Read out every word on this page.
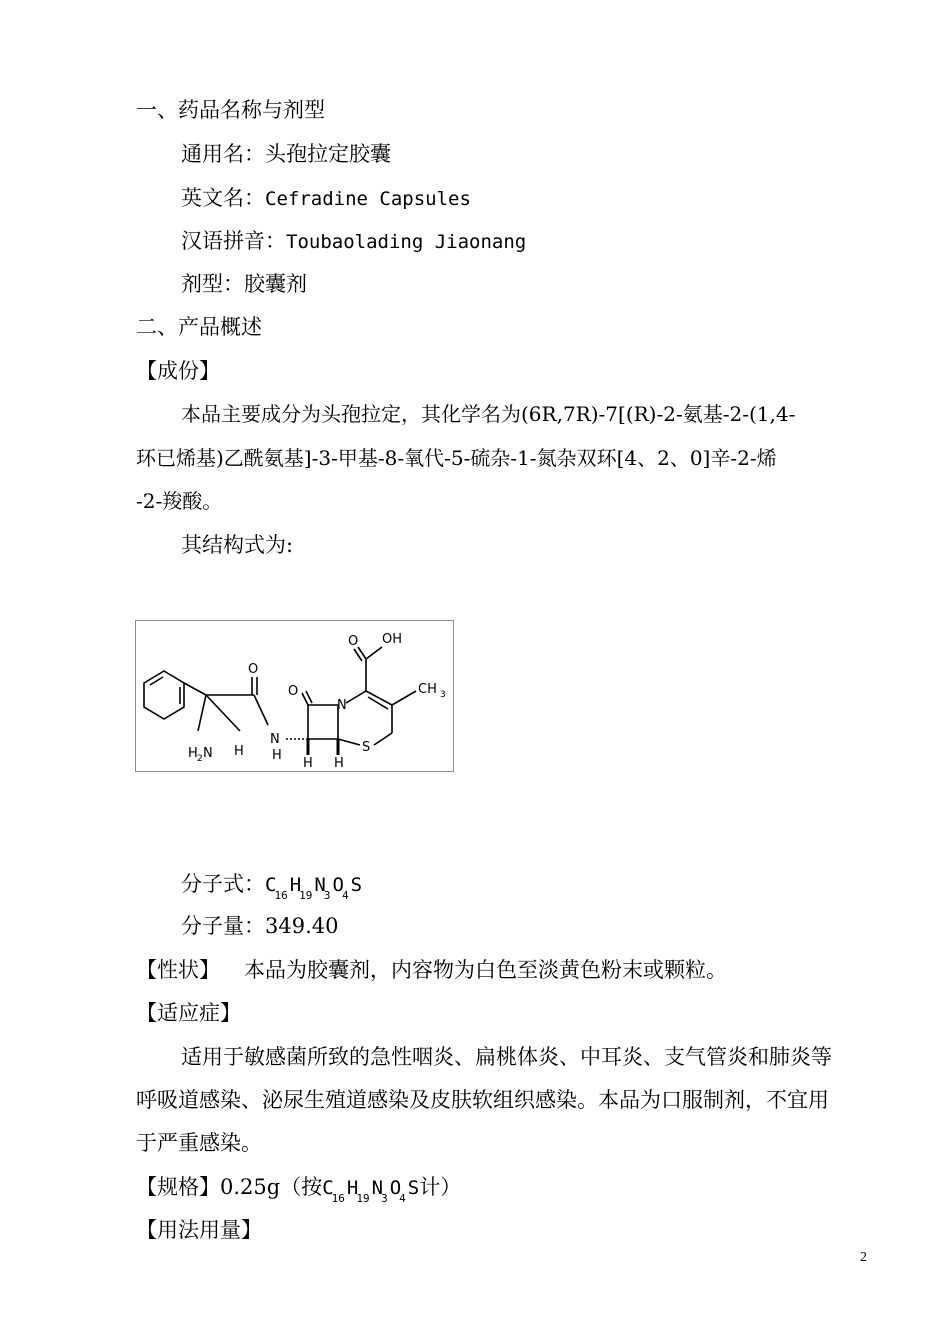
一、药品名称与剂型
通用名：头孢拉定胶囊
英文名：Cefradine Capsules
汉语拼音：Toubaolading Jiaonang
剂型：胶囊剂
二、产品概述
【成份】
本品主要成分为头孢拉定，其化学名为(6R,7R)-7[(R)-2-氨基-2-(1,4-
环已烯基)乙酰氨基]-3-甲基-8-氧代-5-硫杂-1-氮杂双环[4、2、0]辛-2-烯
-2-羧酸。
其结构式为:
O OH
CH 3
O
N
O
N
H
H 2 N H
H H
S
分子式：$C_{16}$ $H_{19}$ $N_3$ $O_4$ S
分子量：349.40
【性状】 本品为胶囊剂，内容物为白色至淡黄色粉末或颗粒。
【适应症】
适用于敏感菌所致的急性咽炎、扁桃体炎、中耳炎、支气管炎和肺炎等
呼吸道感染、泌尿生殖道感染及皮肤软组织感染。本品为口服制剂，不宜用
于严重感染。
【规格】0.25g（按$C_{16}$ $H_{19}$ $N_3$ $O_4$ S计）
【用法用量】
2
